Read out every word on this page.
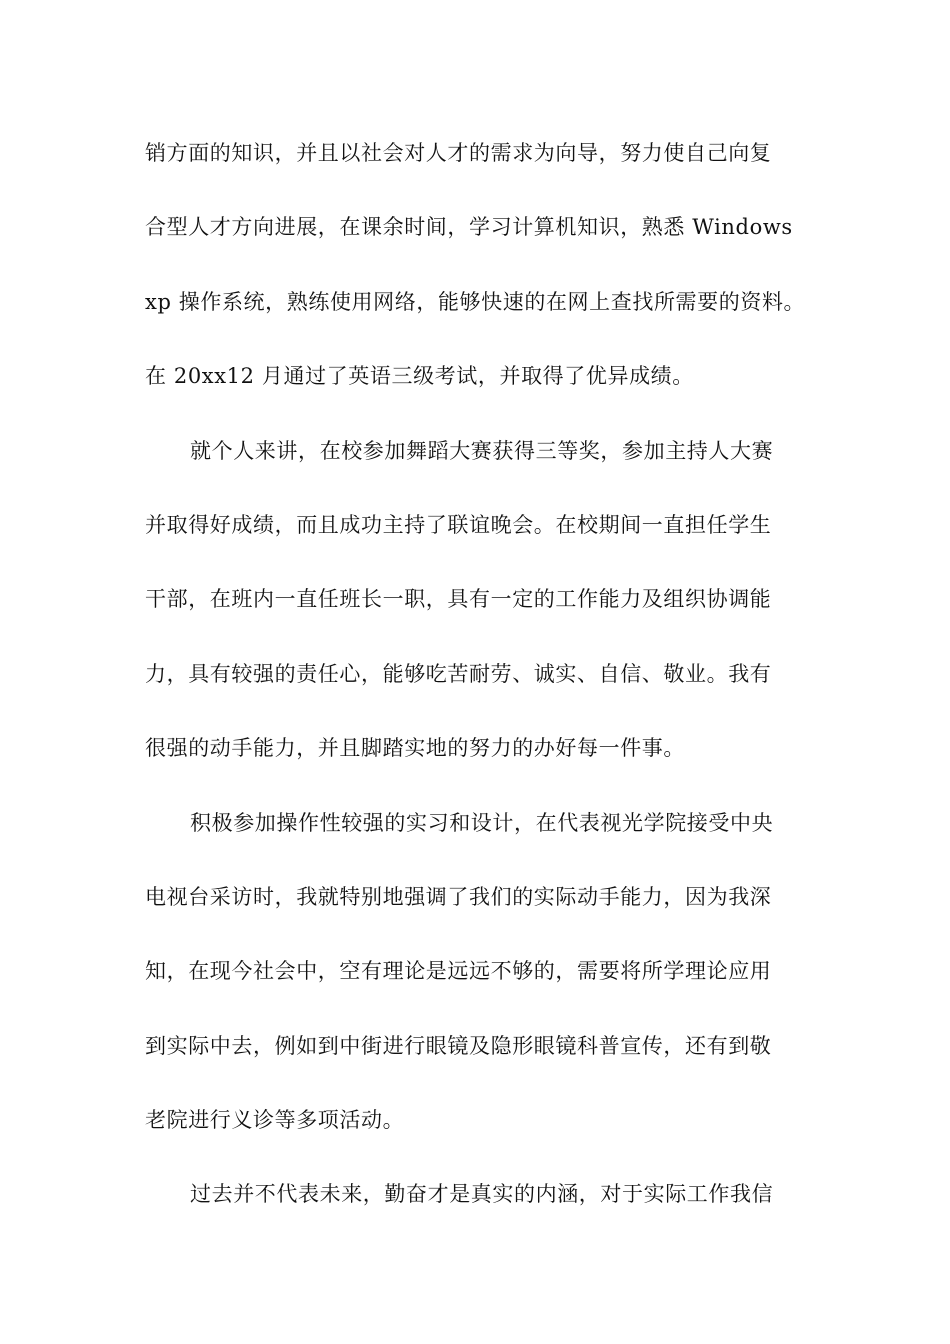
销方面的知识，并且以社会对人才的需求为向导，努力使自己向复
合型人才方向进展，在课余时间，学习计算机知识，熟悉 Windows
xp 操作系统，熟练使用网络，能够快速的在网上查找所需要的资料。
在 20xx12 月通过了英语三级考试，并取得了优异成绩。
就个人来讲，在校参加舞蹈大赛获得三等奖，参加主持人大赛
并取得好成绩，而且成功主持了联谊晚会。在校期间一直担任学生
干部，在班内一直任班长一职，具有一定的工作能力及组织协调能
力，具有较强的责任心，能够吃苦耐劳、诚实、自信、敬业。我有
很强的动手能力，并且脚踏实地的努力的办好每一件事。
积极参加操作性较强的实习和设计，在代表视光学院接受中央
电视台采访时，我就特别地强调了我们的实际动手能力，因为我深
知，在现今社会中，空有理论是远远不够的，需要将所学理论应用
到实际中去，例如到中街进行眼镜及隐形眼镜科普宣传，还有到敬
老院进行义诊等多项活动。
过去并不代表未来，勤奋才是真实的内涵，对于实际工作我信
